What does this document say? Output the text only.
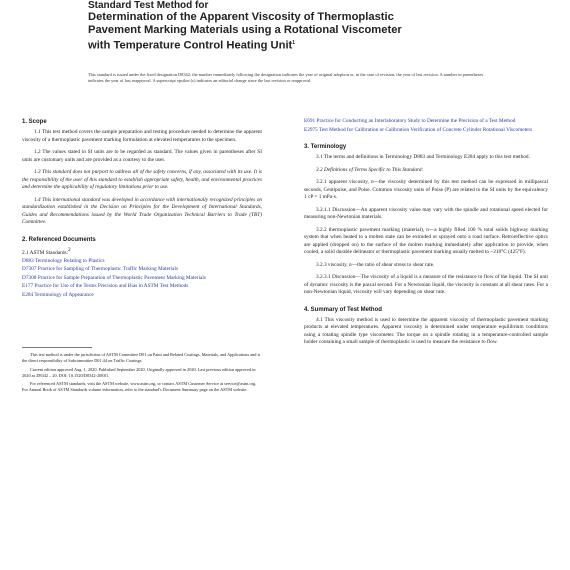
Standard Test Method for
Determination of the Apparent Viscosity of Thermoplastic
Pavement Marking Materials using a Rotational Viscometer
with Temperature Control Heating Unit$^1$
This standard is issued under the fixed designation D8342; the number immediately following the designation indicates the year of original adoption or, in the case of revision, the year of last revision. A number in parentheses indicates the year of last reapproval. A superscript epsilon (ε) indicates an editorial change since the last revision or reapproval.
1. Scope
1.1 This test method covers the sample preparation and testing procedure needed to determine the apparent viscosity of a thermoplastic pavement marking formulation at elevated temperatures to the specimen.
1.2 The values stated in SI units are to be regarded as standard. The values given in parentheses after SI units are customary units and are provided as a courtesy to the user.
1.3 This standard does not purport to address all of the safety concerns, if any, associated with its use. It is the responsibility of the user of this standard to establish appropriate safety, health, and environmental practices and determine the applicability of regulatory limitations prior to use.
1.4 This international standard was developed in accordance with internationally recognized principles on standardization established in the Decision on Principles for the Development of International Standards, Guides and Recommendations issued by the World Trade Organization Technical Barriers to Trade (TBT) Committee.
2. Referenced Documents
2.1 ASTM Standards:2
D883 Terminology Relating to Plastics
D7307 Practice for Sampling of Thermoplastic Traffic Marking Materials
D7308 Practice for Sample Preparation of Thermoplastic Pavement Marking Materials
E177 Practice for Use of the Terms Precision and Bias in ASTM Test Methods
E284 Terminology of Appearance
This test method is under the jurisdiction of ASTM Committee D01 on Paint and Related Coatings, Materials, and Applications and is the direct responsibility of Subcommittee D01.44 on Traffic Coatings.
Current edition approved Aug. 1, 2020. Published September 2020. Originally approved in 2020. Last previous edition approved in 2020 as D8342 – 20. DOI: 10.1520/D8342-20E01.
For referenced ASTM standards, visit the ASTM website, www.astm.org, or contact ASTM Customer Service at service@astm.org. For Annual Book of ASTM Standards volume information, refer to the standard's Document Summary page on the ASTM website.
E691 Practice for Conducting an Interlaboratory Study to Determine the Precision of a Test Method
E2975 Test Method for Calibration or Calibration Verification of Concrete Cylinder Rotational Viscometers
3. Terminology
3.1 The terms and definitions in Terminology D883 and Terminology E284 apply to this test method.
3.2 Definitions of Terms Specific to This Standard:
3.2.1 apparent viscosity, n—the viscosity determined by this test method can be expressed in millipascal seconds, Centipoise, and Poise. Common viscosity units of Poise (P) are related to the SI units by the equivalency 1 cP = 1 mPa·s.
3.2.1.1 Discussion—An apparent viscosity value may vary with the spindle and rotational speed elected for measuring non-Newtonian materials.
3.2.2 thermoplastic pavement marking (material), n—a highly filled 100 % total solids highway marking system that when heated to a molten state can be extruded or sprayed onto a road surface. Retroreflective optics are applied (dropped on) to the surface of the molten marking immediately after application to provide, when cooled, a solid durable delineator or thermoplastic pavement marking usually melted to ~218°C (425°F).
3.2.3 viscosity, n—the ratio of shear stress to shear rate.
3.2.3.1 Discussion—The viscosity of a liquid is a measure of the resistance to flow of the liquid. The SI unit of dynamic viscosity is the pascal second. For a Newtonian liquid, the viscosity is constant at all shear rates. For a non-Newtonian liquid, viscosity will vary depending on shear rate.
4. Summary of Test Method
4.1 This viscosity method is used to determine the apparent viscosity of thermoplastic pavement marking products at elevated temperatures. Apparent viscosity is determined under temperature equilibrium conditions using a rotating spindle type viscometer. The torque on a spindle rotating in a temperature-controlled sample holder containing a small sample of thermoplastic is used to measure the resistance to flow.
